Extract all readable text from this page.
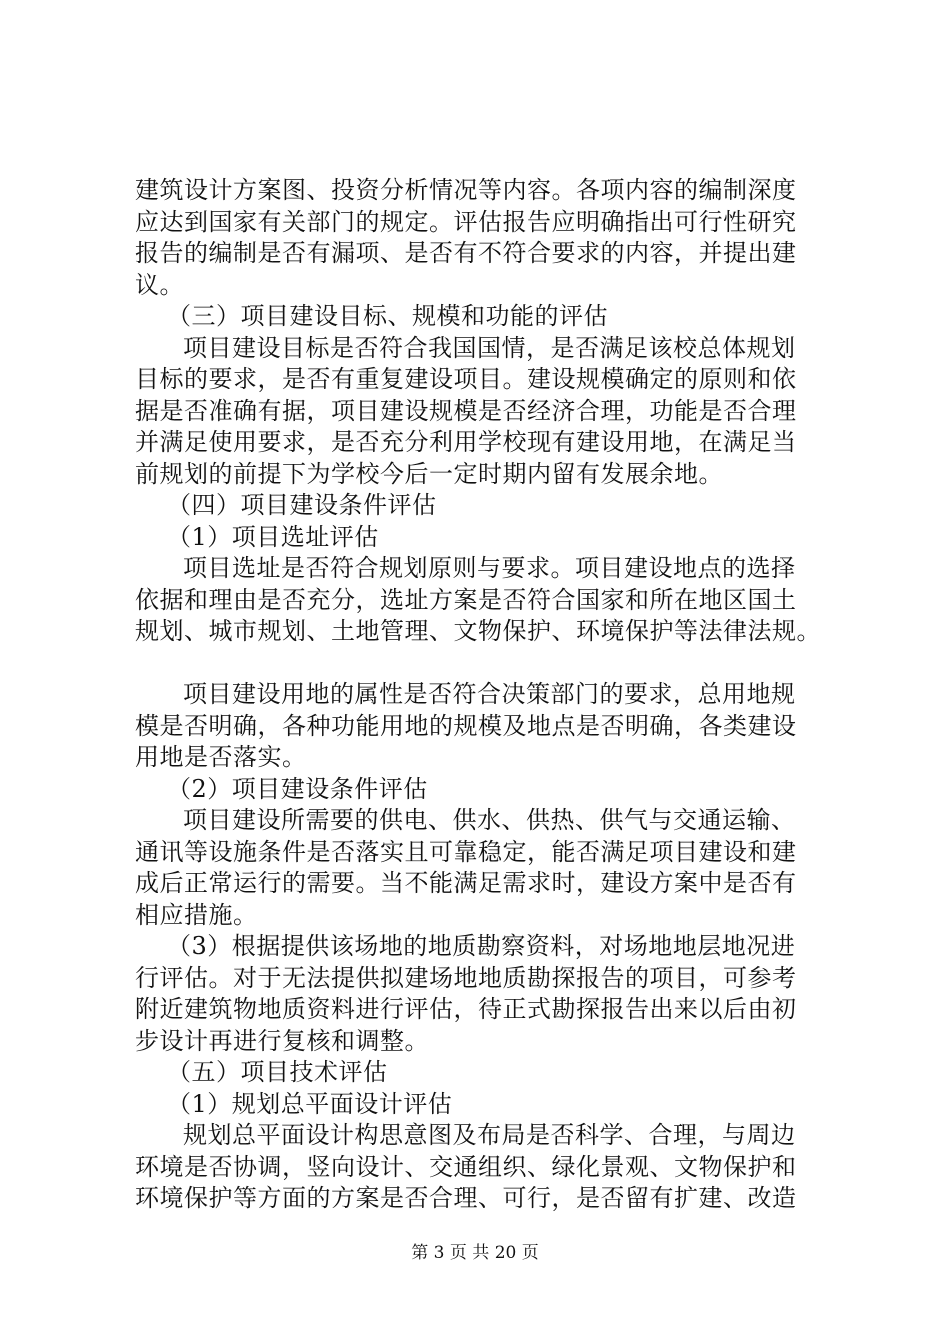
建筑设计方案图、投资分析情况等内容。各项内容的编制深度
应达到国家有关部门的规定。评估报告应明确指出可行性研究
报告的编制是否有漏项、是否有不符合要求的内容，并提出建
议。
（三）项目建设目标、规模和功能的评估
项目建设目标是否符合我国国情，是否满足该校总体规划
目标的要求，是否有重复建设项目。建设规模确定的原则和依
据是否准确有据，项目建设规模是否经济合理，功能是否合理
并满足使用要求，是否充分利用学校现有建设用地，在满足当
前规划的前提下为学校今后一定时期内留有发展余地。
（四）项目建设条件评估
（1）项目选址评估
项目选址是否符合规划原则与要求。项目建设地点的选择
依据和理由是否充分，选址方案是否符合国家和所在地区国土
规划、城市规划、土地管理、文物保护、环境保护等法律法规。
项目建设用地的属性是否符合决策部门的要求，总用地规
模是否明确，各种功能用地的规模及地点是否明确，各类建设
用地是否落实。
（2）项目建设条件评估
项目建设所需要的供电、供水、供热、供气与交通运输、
通讯等设施条件是否落实且可靠稳定，能否满足项目建设和建
成后正常运行的需要。当不能满足需求时，建设方案中是否有
相应措施。
（3）根据提供该场地的地质勘察资料，对场地地层地况进
行评估。对于无法提供拟建场地地质勘探报告的项目，可参考
附近建筑物地质资料进行评估，待正式勘探报告出来以后由初
步设计再进行复核和调整。
（五）项目技术评估
（1）规划总平面设计评估
规划总平面设计构思意图及布局是否科学、合理，与周边
环境是否协调，竖向设计、交通组织、绿化景观、文物保护和
环境保护等方面的方案是否合理、可行，是否留有扩建、改造
第 3 页 共 20 页
